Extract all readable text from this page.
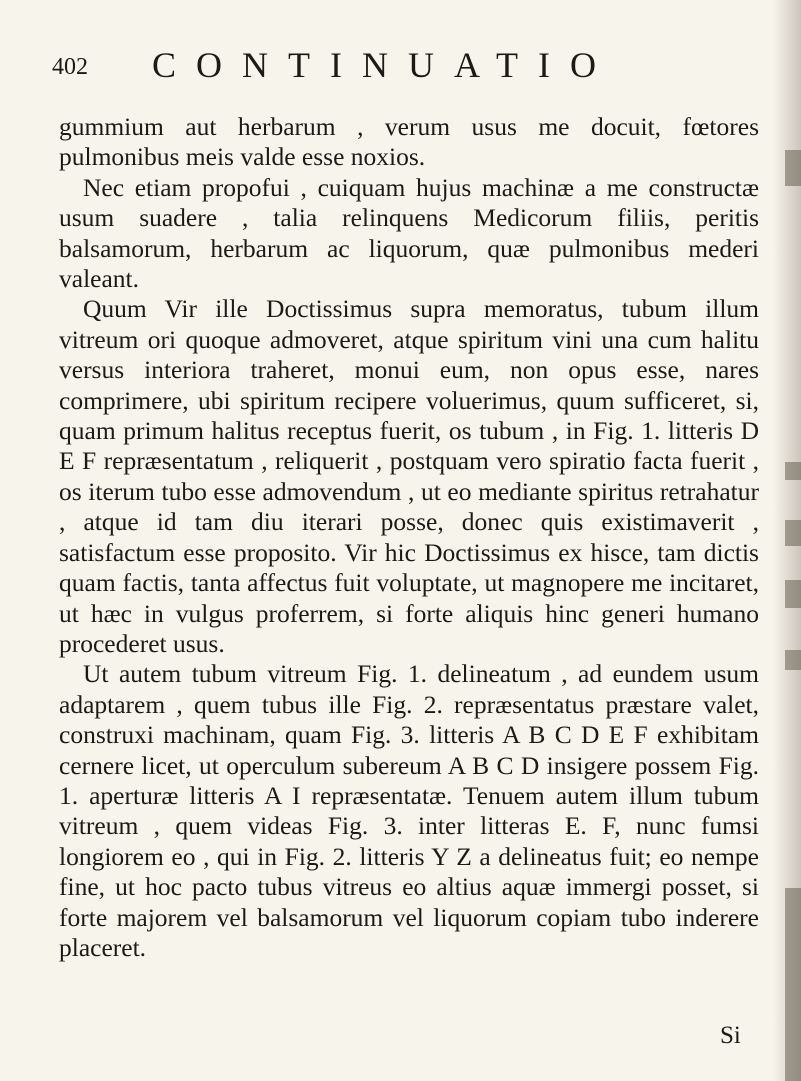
402 CONTINUATIO

gummium aut herbarum , verum usus me docuit, fœtores pulmonibus meis valde esse noxios.

Nec etiam propofui , cuiquam hujus machinæ a me constructæ usum suadere , talia relinquens Medicorum filiis, peritis balsamorum, herbarum ac liquorum, quæ pulmonibus mederi valeant.

Quum Vir ille Doctissimus supra memoratus, tubum illum vitreum ori quoque admoveret, atque spiritum vini una cum halitu versus interiora traheret, monui eum, non opus esse, nares comprimere, ubi spiritum recipere voluerimus, quum sufficeret, si, quam primum halitus receptus fuerit, os tubum , in Fig. 1. litteris D E F repræsentatum , reliquerit , postquam vero spiratio facta fuerit , os iterum tubo esse admovendum , ut eo mediante spiritus retrahatur , atque id tam diu iterari posse, donec quis existimaverit , satisfactum esse proposito. Vir hic Doctissimus ex hisce, tam dictis quam factis, tanta affectus fuit voluptate, ut magnopere me incitaret, ut hæc in vulgus proferrem, si forte aliquis hinc generi humano procederet usus.

Ut autem tubum vitreum Fig. 1. delineatum , ad eundem usum adaptarem , quem tubus ille Fig. 2. repræsentatus præstare valet, construxi machinam, quam Fig. 3. litteris A B C D E F exhibitam cernere licet, ut operculum subereum A B C D insigere possem Fig. 1. aperturæ litteris A I repræsentatæ. Tenuem autem illum tubum vitreum , quem videas Fig. 3. inter litteras E. F, nunc fumsi longiorem eo , qui in Fig. 2. litteris Y Z a delineatus fuit; eo nempe fine, ut hoc pacto tubus vitreus eo altius aquæ immergi posset, si forte majorem vel balsamorum vel liquorum copiam tubo inderere placeret.

Si
